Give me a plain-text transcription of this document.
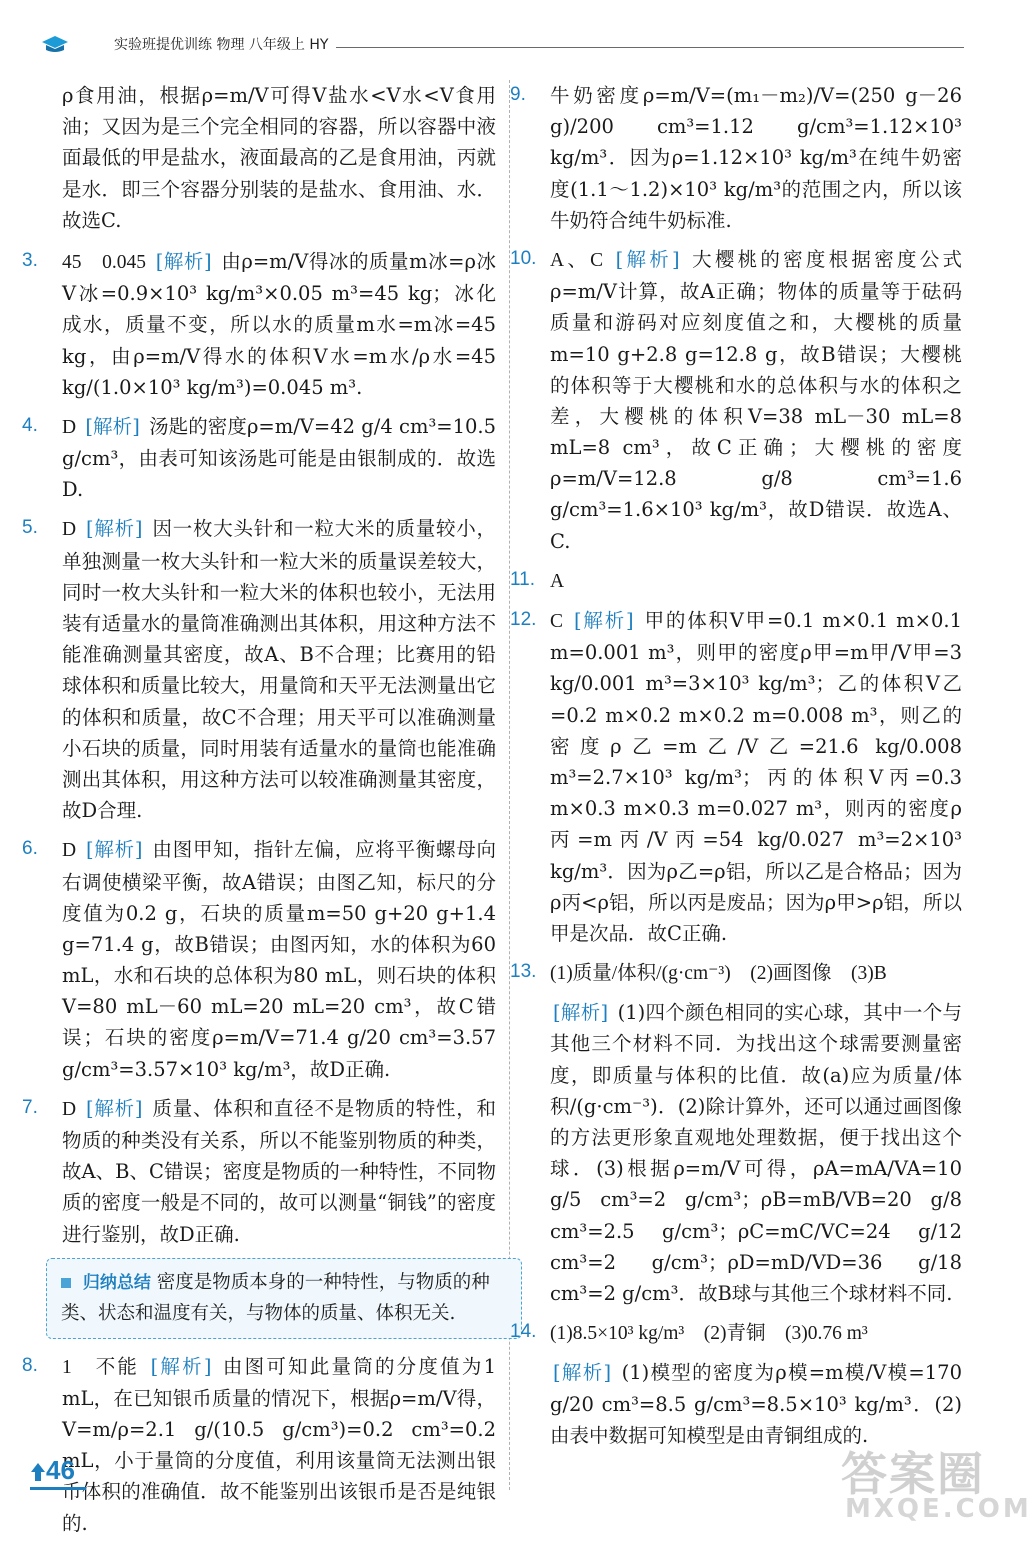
实验班提优训练 物理 八年级上 HY
ρ食用油，根据ρ=m/V可得V盐水<V水<V食用油；又因为是三个完全相同的容器，所以容器中液面最低的甲是盐水，液面最高的乙是食用油，丙就是水．即三个容器分别装的是盐水、食用油、水．故选C.
3.	45　0.045 [解析] 由ρ=m/V得冰的质量m冰=ρ冰V冰=0.9×10³ kg/m³×0.05 m³=45 kg；冰化成水，质量不变，所以水的质量m水=m冰=45 kg，由ρ=m/V得水的体积V水=m水/ρ水=45 kg/(1.0×10³ kg/m³)=0.045 m³.
4.	D [解析] 汤匙的密度ρ=m/V=42 g/4 cm³=10.5 g/cm³，由表可知该汤匙可能是由银制成的．故选D.
5.	D [解析] 因一枚大头针和一粒大米的质量较小，单独测量一枚大头针和一粒大米的质量误差较大，同时一枚大头针和一粒大米的体积也较小，无法用装有适量水的量筒准确测出其体积，用这种方法不能准确测量其密度，故A、B不合理；比赛用的铅球体积和质量比较大，用量筒和天平无法测量出它的体积和质量，故C不合理；用天平可以准确测量小石块的质量，同时用装有适量水的量筒也能准确测出其体积，用这种方法可以较准确测量其密度，故D合理.
6.	D [解析] 由图甲知，指针左偏，应将平衡螺母向右调使横梁平衡，故A错误；由图乙知，标尺的分度值为0.2 g，石块的质量m=50 g+20 g+1.4 g=71.4 g，故B错误；由图丙知，水的体积为60 mL，水和石块的总体积为80 mL，则石块的体积V=80 mL－60 mL=20 mL=20 cm³，故C错误；石块的密度ρ=m/V=71.4 g/20 cm³=3.57 g/cm³=3.57×10³ kg/m³，故D正确.
7.	D [解析] 质量、体积和直径不是物质的特性，和物质的种类没有关系，所以不能鉴别物质的种类，故A、B、C错误；密度是物质的一种特性，不同物质的密度一般是不同的，故可以测量“铜钱”的密度进行鉴别，故D正确.
归纳总结 密度是物质本身的一种特性，与物质的种类、状态和温度有关，与物体的质量、体积无关.
8.	1　不能 [解析] 由图可知此量筒的分度值为1 mL，在已知银币质量的情况下，根据ρ=m/V得，V=m/ρ=2.1 g/(10.5 g/cm³)=0.2 cm³=0.2 mL，小于量筒的分度值，利用该量筒无法测出银币体积的准确值．故不能鉴别出该银币是否是纯银的.
9.	牛奶密度ρ=m/V=(m₁－m₂)/V=(250 g－26 g)/200 cm³=1.12 g/cm³=1.12×10³ kg/m³．因为ρ=1.12×10³ kg/m³在纯牛奶密度(1.1～1.2)×10³ kg/m³的范围之内，所以该牛奶符合纯牛奶标准.
10. A、C [解析] 大樱桃的密度根据密度公式ρ=m/V计算，故A正确；物体的质量等于砝码质量和游码对应刻度值之和，大樱桃的质量m=10 g+2.8 g=12.8 g，故B错误；大樱桃的体积等于大樱桃和水的总体积与水的体积之差，大樱桃的体积V=38 mL－30 mL=8 mL=8 cm³，故C正确；大樱桃的密度ρ=m/V=12.8 g/8 cm³=1.6 g/cm³=1.6×10³ kg/m³，故D错误．故选A、C.
11. A
12. C [解析] 甲的体积V甲=0.1 m×0.1 m×0.1 m=0.001 m³，则甲的密度ρ甲=m甲/V甲=3 kg/0.001 m³=3×10³ kg/m³；乙的体积V乙=0.2 m×0.2 m×0.2 m=0.008 m³，则乙的密度ρ乙=m乙/V乙=21.6 kg/0.008 m³=2.7×10³ kg/m³；丙的体积V丙=0.3 m×0.3 m×0.3 m=0.027 m³，则丙的密度ρ丙=m丙/V丙=54 kg/0.027 m³=2×10³ kg/m³．因为ρ乙=ρ铝，所以乙是合格品；因为ρ丙<ρ铝，所以丙是废品；因为ρ甲>ρ铝，所以甲是次品．故C正确.
13. (1)质量/体积/(g·cm⁻³)　(2)画图像　(3)B
[解析] (1)四个颜色相同的实心球，其中一个与其他三个材料不同．为找出这个球需要测量密度，即质量与体积的比值．故(a)应为质量/体积/(g·cm⁻³)．(2)除计算外，还可以通过画图像的方法更形象直观地处理数据，便于找出这个球．(3)根据ρ=m/V可得，ρA=mA/VA=10 g/5 cm³=2 g/cm³；ρB=mB/VB=20 g/8 cm³=2.5 g/cm³；ρC=mC/VC=24 g/12 cm³=2 g/cm³；ρD=mD/VD=36 g/18 cm³=2 g/cm³．故B球与其他三个球材料不同.
14. (1)8.5×10³ kg/m³　(2)青铜　(3)0.76 m³
[解析] (1)模型的密度为ρ模=m模/V模=170 g/20 cm³=8.5 g/cm³=8.5×10³ kg/m³．(2)由表中数据可知模型是由青铜组成的.
46	答案圈
MXQE.COM
